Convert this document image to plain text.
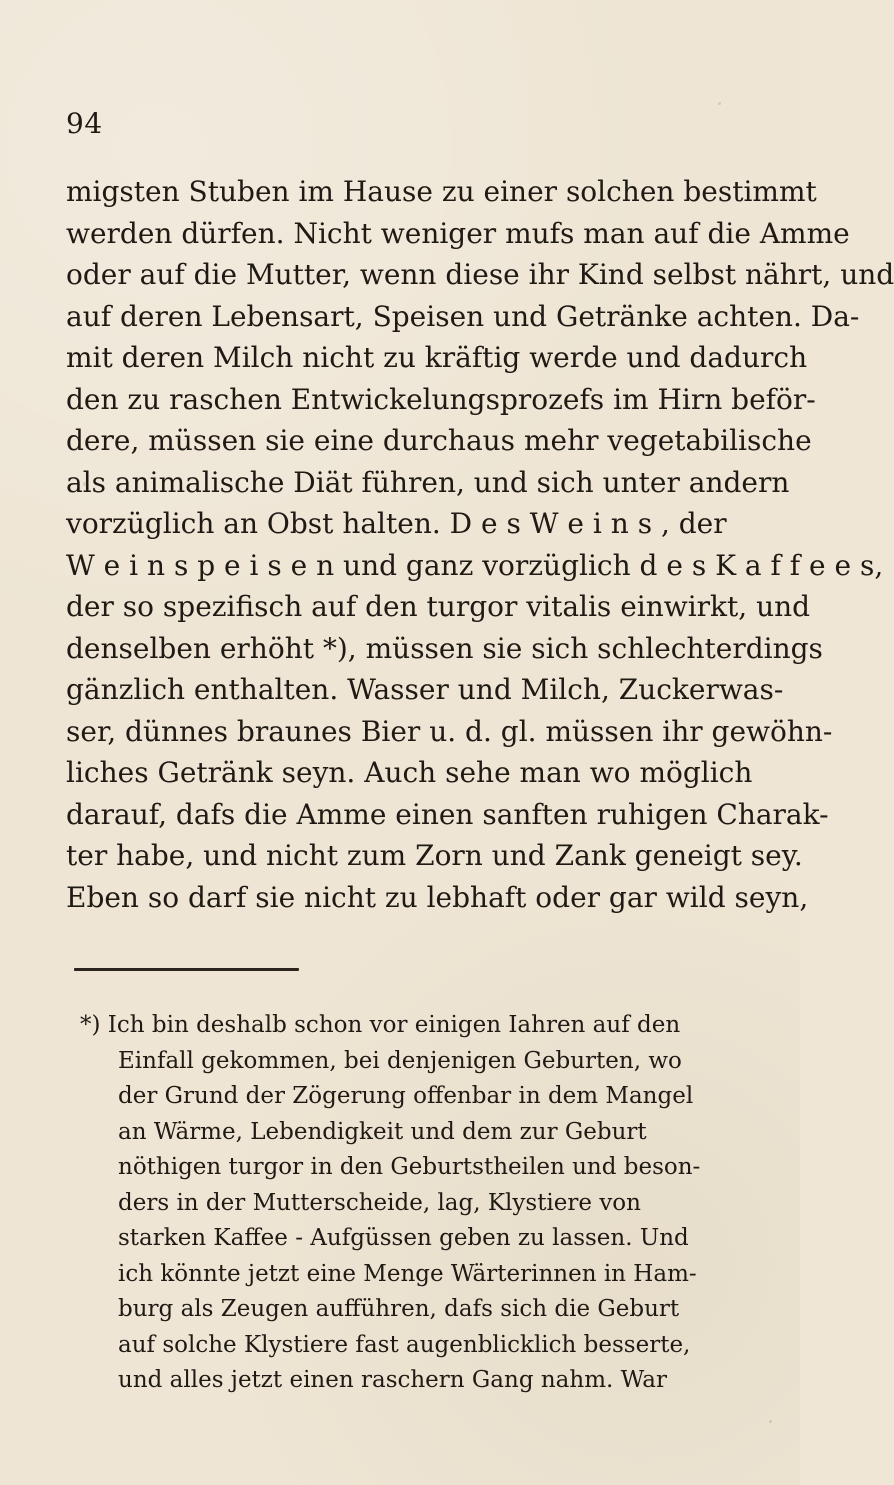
94
migsten Stuben im Hause zu einer solchen bestimmt
werden dürfen. Nicht weniger mufs man auf die Amme
oder auf die Mutter, wenn diese ihr Kind selbst nährt, und
auf deren Lebensart, Speisen und Getränke achten. Da-
mit deren Milch nicht zu kräftig werde und dadurch
den zu raschen Entwickelungsprozefs im Hirn beför-
dere, müssen sie eine durchaus mehr vegetabilische
als animalische Diät führen, und sich unter andern
vorzüglich an Obst halten. D e s W e i n s , der
W e i n s p e i s e n und ganz vorzüglich d e s K a f f e e s,
der so spezifisch auf den turgor vitalis einwirkt, und
denselben erhöht *), müssen sie sich schlechterdings
gänzlich enthalten. Wasser und Milch, Zuckerwas-
ser, dünnes braunes Bier u. d. gl. müssen ihr gewöhn-
liches Getränk seyn. Auch sehe man wo möglich
darauf, dafs die Amme einen sanften ruhigen Charak-
ter habe, und nicht zum Zorn und Zank geneigt sey.
Eben so darf sie nicht zu lebhaft oder gar wild seyn,
*) Ich bin deshalb schon vor einigen Iahren auf den
Einfall gekommen, bei denjenigen Geburten, wo
der Grund der Zögerung offenbar in dem Mangel
an Wärme, Lebendigkeit und dem zur Geburt
nöthigen turgor in den Geburtstheilen und beson-
ders in der Mutterscheide, lag, Klystiere von
starken Kaffee - Aufgüssen geben zu lassen. Und
ich könnte jetzt eine Menge Wärterinnen in Ham-
burg als Zeugen aufführen, dafs sich die Geburt
auf solche Klystiere fast augenblicklich besserte,
und alles jetzt einen raschern Gang nahm. War
